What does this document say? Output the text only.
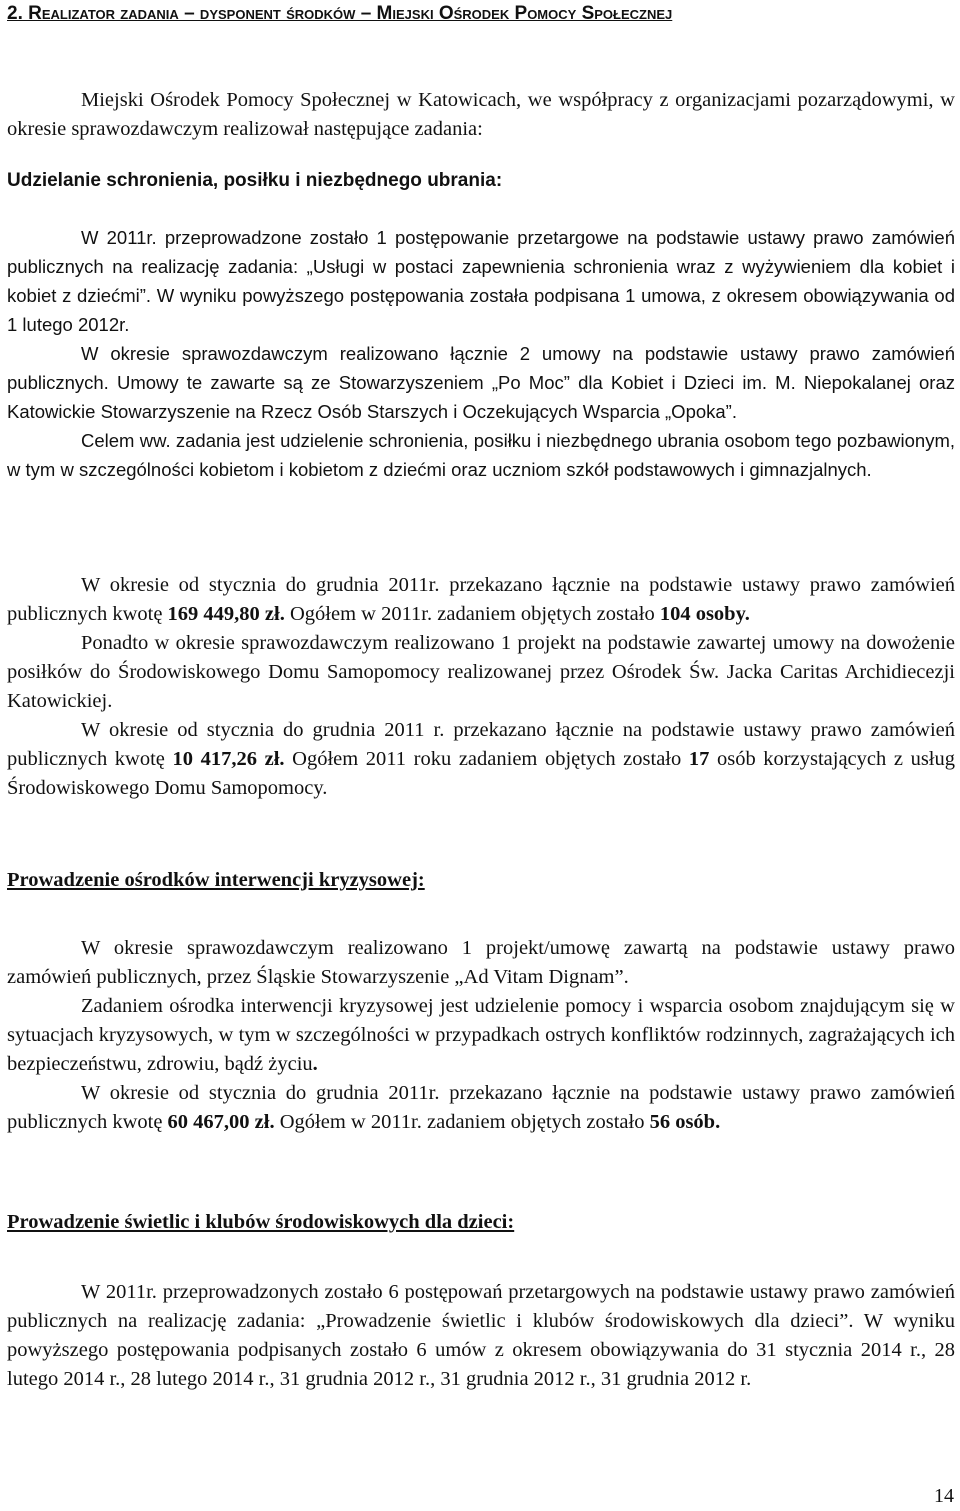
2. Realizator zadania – dysponent środków – Miejski Ośrodek Pomocy Społecznej

Miejski Ośrodek Pomocy Społecznej w Katowicach, we współpracy z organizacjami pozarządowymi, w okresie sprawozdawczym realizował następujące zadania:

Udzielanie schronienia, posiłku i niezbędnego ubrania:

W 2011r. przeprowadzone zostało 1 postępowanie przetargowe na podstawie ustawy prawo zamówień publicznych na realizację zadania: „Usługi w postaci zapewnienia schronienia wraz z wyżywieniem dla kobiet i kobiet z dziećmi”. W wyniku powyższego postępowania została podpisana 1 umowa, z okresem obowiązywania od 1 lutego 2012r.

W okresie sprawozdawczym realizowano łącznie 2 umowy na podstawie ustawy prawo zamówień publicznych. Umowy te zawarte są ze Stowarzyszeniem „Po Moc” dla Kobiet i Dzieci im. M. Niepokalanej oraz Katowickie Stowarzyszenie na Rzecz Osób Starszych i Oczekujących Wsparcia „Opoka”.

Celem ww. zadania jest udzielenie schronienia, posiłku i niezbędnego ubrania osobom tego pozbawionym, w tym w szczególności kobietom i kobietom z dziećmi oraz uczniom szkół podstawowych i gimnazjalnych.

W okresie od stycznia do grudnia 2011r. przekazano łącznie na podstawie ustawy prawo zamówień publicznych kwotę 169 449,80 zł. Ogółem w 2011r. zadaniem objętych zostało 104 osoby.

Ponadto w okresie sprawozdawczym realizowano 1 projekt na podstawie zawartej umowy na dowożenie posiłków do Środowiskowego Domu Samopomocy realizowanej przez Ośrodek Św. Jacka Caritas Archidiecezji Katowickiej.

W okresie od stycznia do grudnia 2011 r. przekazano łącznie na podstawie ustawy prawo zamówień publicznych kwotę 10 417,26 zł. Ogółem 2011 roku zadaniem objętych zostało 17 osób korzystających z usług Środowiskowego Domu Samopomocy.

Prowadzenie ośrodków interwencji kryzysowej:

W okresie sprawozdawczym realizowano 1 projekt/umowę zawartą na podstawie ustawy prawo zamówień publicznych, przez Śląskie Stowarzyszenie „Ad Vitam Dignam”.

Zadaniem ośrodka interwencji kryzysowej jest udzielenie pomocy i wsparcia osobom znajdującym się w sytuacjach kryzysowych, w tym w szczególności w przypadkach ostrych konfliktów rodzinnych, zagrażających ich bezpieczeństwu, zdrowiu, bądź życiu.

W okresie od stycznia do grudnia 2011r. przekazano łącznie na podstawie ustawy prawo zamówień publicznych kwotę 60 467,00 zł. Ogółem w 2011r. zadaniem objętych zostało 56 osób.

Prowadzenie świetlic i klubów środowiskowych dla dzieci:

W 2011r. przeprowadzonych zostało 6 postępowań przetargowych na podstawie ustawy prawo zamówień publicznych na realizację zadania: „Prowadzenie świetlic i klubów środowiskowych dla dzieci”. W wyniku powyższego postępowania podpisanych zostało 6 umów z okresem obowiązywania do 31 stycznia 2014 r., 28 lutego 2014 r., 28 lutego 2014 r., 31 grudnia 2012 r., 31 grudnia 2012 r., 31 grudnia 2012 r.

14
